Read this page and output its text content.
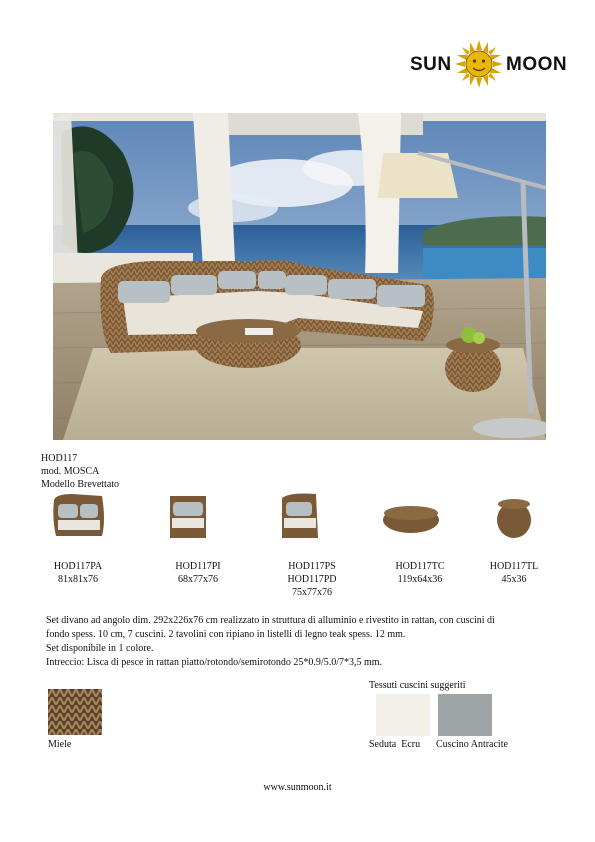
SUN	MOON
HOD117
mod. MOSCA
Modello Brevettato
HOD117PA
81x81x76
HOD117PI
68x77x76
HOD117PS
HOD117PD
75x77x76
HOD117TC
119x64x36
HOD117TL
45x36

Set divano ad angolo dim. 292x226x76 cm realizzato in struttura di alluminio e rivestito in rattan, con cuscini di

fondo spess. 10 cm, 7 cuscini. 2 tavolini con ripiano in listelli di legno teak spess. 12 mm.

Set disponibile in 1 colore.

Intreccio: Lisca di pesce in rattan piatto/rotondo/semirotondo 25*0.9/5.0/7*3,5 mm.

Miele
Tessuti cuscini suggeriti
Seduta  Ecru Cuscino Antracite
www.sunmoon.it
